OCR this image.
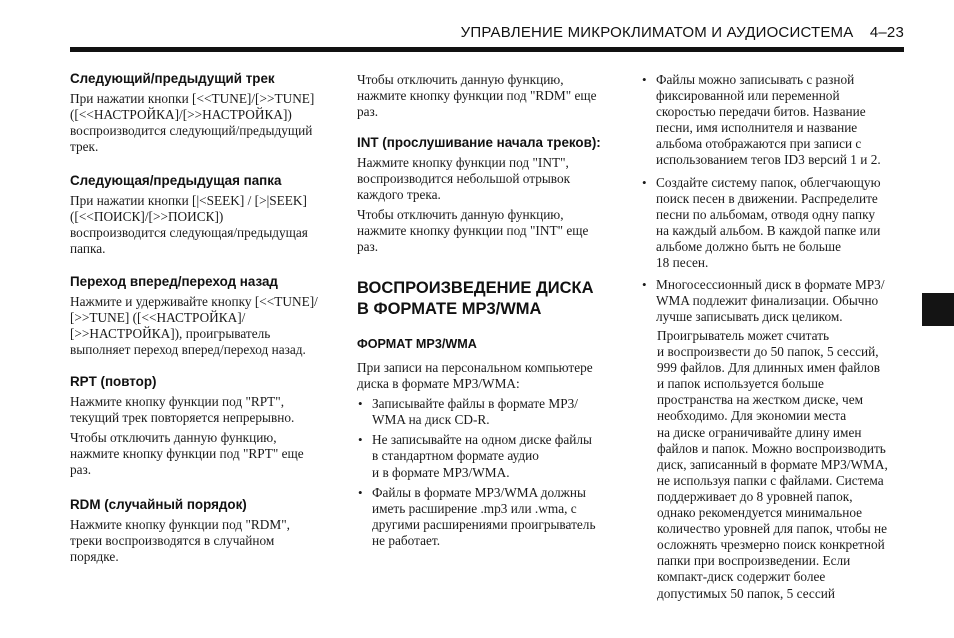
УПРАВЛЕНИЕ МИКРОКЛИМАТОМ И АУДИОСИСТЕМА 4–23
Следующий/предыдущий трек
При нажатии кнопки [<<TUNE]/[>>TUNE]
([<<НАСТРОЙКА]/[>>НАСТРОЙКА])
воспроизводится следующий/предыдущий
трек.
Следующая/предыдущая папка
При нажатии кнопки [|<SEEK] / [>|SEEK]
([<<ПОИСК]/[>>ПОИСК])
воспроизводится следующая/предыдущая
папка.
Переход вперед/переход назад
Нажмите и удерживайте кнопку [<<TUNE]/
[>>TUNE] ([<<НАСТРОЙКА]/
[>>НАСТРОЙКА]), проигрыватель
выполняет переход вперед/переход назад.
RPT (повтор)
Нажмите кнопку функции под "RPT",
текущий трек повторяется непрерывно.
Чтобы отключить данную функцию,
нажмите кнопку функции под "RPT" еще
раз.
RDM (случайный порядок)
Нажмите кнопку функции под "RDM",
треки воспроизводятся в случайном
порядке.
Чтобы отключить данную функцию,
нажмите кнопку функции под "RDM" еще
раз.
INT (прослушивание начала треков):
Нажмите кнопку функции под "INT",
воспроизводится небольшой отрывок
каждого трека.
Чтобы отключить данную функцию,
нажмите кнопку функции под "INT" еще
раз.
ВОСПРОИЗВЕДЕНИЕ ДИСКА
В ФОРМАТЕ MP3/WMA
ФОРМАТ MP3/WMA
При записи на персональном компьютере
диска в формате MP3/WMA:
• Записывайте файлы в формате MP3/
WMA на диск CD-R.
• Не записывайте на одном диске файлы
в стандартном формате аудио
и в формате MP3/WMA.
• Файлы в формате MP3/WMA должны
иметь расширение .mp3 или .wma, с
другими расширениями проигрыватель
не работает.
• Файлы можно записывать с разной
фиксированной или переменной
скоростью передачи битов. Название
песни, имя исполнителя и название
альбома отображаются при записи с
использованием тегов ID3 версий 1 и 2.
• Создайте систему папок, облегчающую
поиск песен в движении. Распределите
песни по альбомам, отводя одну папку
на каждый альбом. В каждой папке или
альбоме должно быть не больше
18 песен.
• Многосессионный диск в формате MP3/
WMA подлежит финализации. Обычно
лучше записывать диск целиком.
Проигрыватель может считать
и воспроизвести до 50 папок, 5 сессий,
999 файлов. Для длинных имен файлов
и папок используется больше
пространства на жестком диске, чем
необходимо. Для экономии места
на диске ограничивайте длину имен
файлов и папок. Можно воспроизводить
диск, записанный в формате MP3/WMA,
не используя папки с файлами. Система
поддерживает до 8 уровней папок,
однако рекомендуется минимальное
количество уровней для папок, чтобы не
осложнять чрезмерно поиск конкретной
папки при воспроизведении. Если
компакт-диск содержит более
допустимых 50 папок, 5 сессий
